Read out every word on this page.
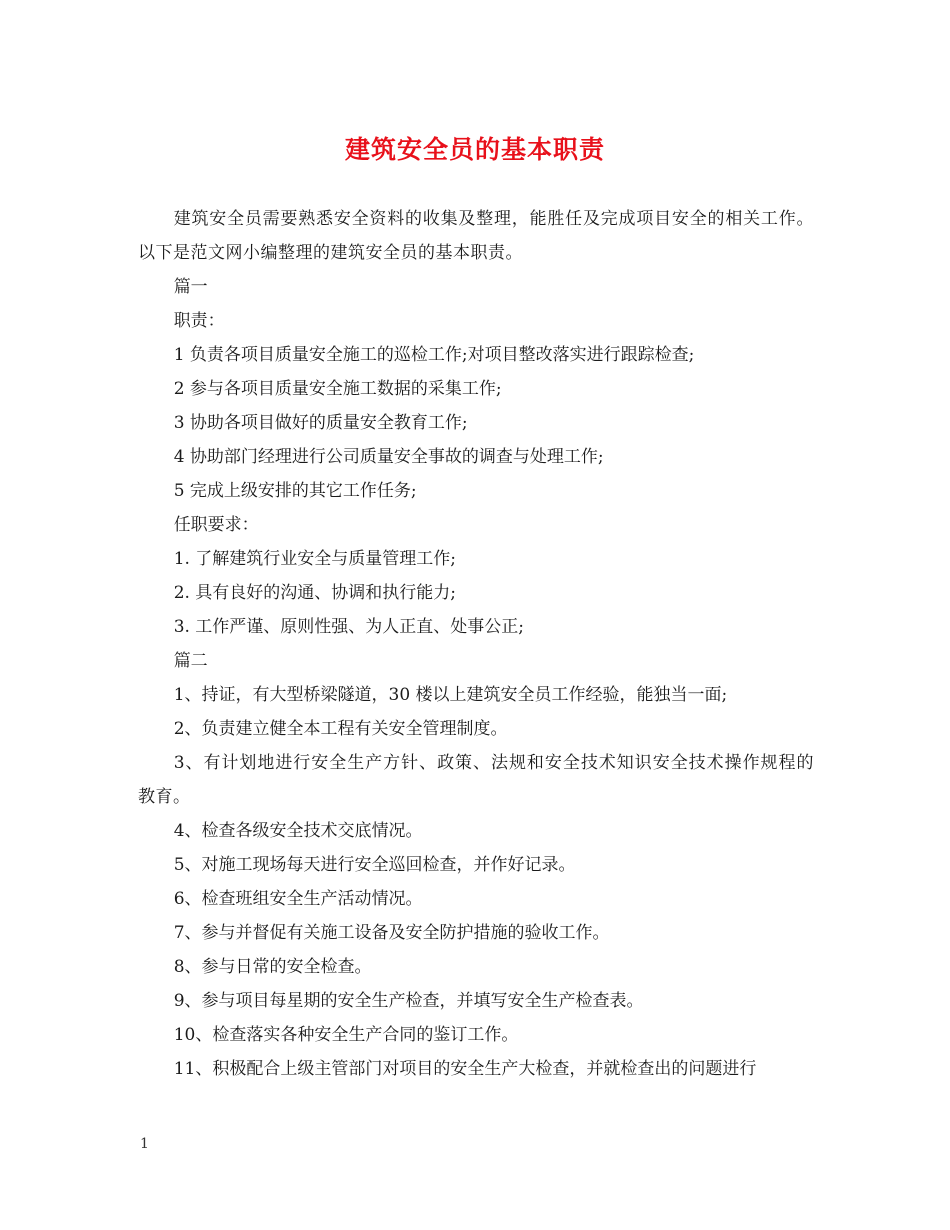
建筑安全员的基本职责

建筑安全员需要熟悉安全资料的收集及整理，能胜任及完成项目安全的相关工作。以下是范文网小编整理的建筑安全员的基本职责。

篇一

职责：

1 负责各项目质量安全施工的巡检工作;对项目整改落实进行跟踪检查;

2 参与各项目质量安全施工数据的采集工作;

3 协助各项目做好的质量安全教育工作;

4 协助部门经理进行公司质量安全事故的调查与处理工作;

5 完成上级安排的其它工作任务;

任职要求：

1. 了解建筑行业安全与质量管理工作;

2. 具有良好的沟通、协调和执行能力;

3. 工作严谨、原则性强、为人正直、处事公正;

篇二

1、持证，有大型桥梁隧道，30 楼以上建筑安全员工作经验，能独当一面;

2、负责建立健全本工程有关安全管理制度。

3、有计划地进行安全生产方针、政策、法规和安全技术知识安全技术操作规程的教育。

4、检查各级安全技术交底情况。

5、对施工现场每天进行安全巡回检查，并作好记录。

6、检查班组安全生产活动情况。

7、参与并督促有关施工设备及安全防护措施的验收工作。

8、参与日常的安全检查。

9、参与项目每星期的安全生产检查，并填写安全生产检查表。

10、检查落实各种安全生产合同的鉴订工作。

11、积极配合上级主管部门对项目的安全生产大检查，并就检查出的问题进行

1
